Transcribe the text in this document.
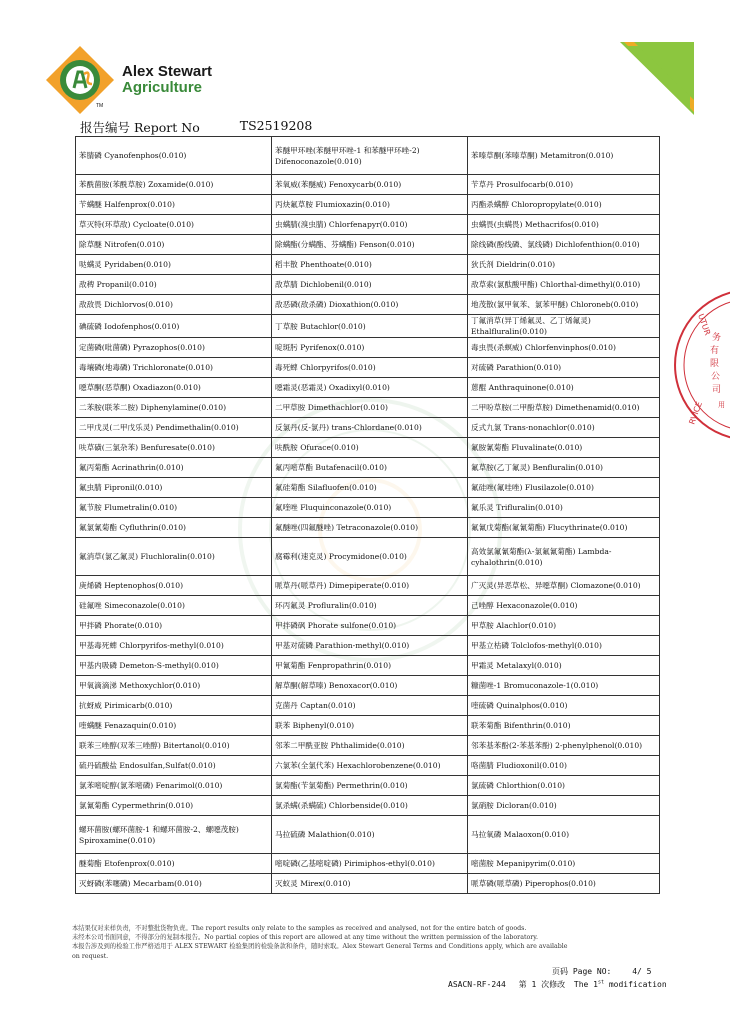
Alex Stewart
Agriculture
TM
报告编号 Report No	TS2519208
苯腈磷 Cyanofenphos(0.010)	苯醚甲环唑(苯醚甲环唑-1 和苯醚甲环唑-2) Difenoconazole(0.010)	苯嗪草酮(苯嗪草酮) Metamitron(0.010)
苯酰菌胺(苯酰草胺) Zoxamide(0.010)	苯氧威(苯醚威) Fenoxycarb(0.010)	苄草丹 Prosulfocarb(0.010)
苄螨醚 Halfenprox(0.010)	丙炔氟草胺 Flumioxazin(0.010)	丙酯杀螨醇 Chloropropylate(0.010)
草灭特(环草敌) Cycloate(0.010)	虫螨腈(溴虫腈) Chlorfenapyr(0.010)	虫螨畏(虫螨畏) Methacrifos(0.010)
除草醚 Nitrofen(0.010)	除螨酯(分螨酯、芬螨酯) Fenson(0.010)	除线磷(酚线磷、氯线磷) Dichlofenthion(0.010)
哒螨灵 Pyridaben(0.010)	稻丰散 Phenthoate(0.010)	狄氏剂 Dieldrin(0.010)
敌稗 Propanil(0.010)	敌草腈 Dichlobenil(0.010)	敌草索(氯酞酸甲酯) Chlorthal-dimethyl(0.010)
敌敌畏 Dichlorvos(0.010)	敌恶磷(敌杀磷) Dioxathion(0.010)	地茂散(氯甲氧苯、氯苯甲醚) Chloroneb(0.010)
碘硫磷 Iodofenphos(0.010)	丁草胺 Butachlor(0.010)	丁氟消草(异丁烯氟灵、乙丁烯氟灵) Ethalfluralin(0.010)
定菌磷(吡菌磷) Pyrazophos(0.010)	啶斑肟 Pyrifenox(0.010)	毒虫畏(杀螟威) Chlorfenvinphos(0.010)
毒壤磷(地毒磷) Trichloronate(0.010)	毒死蜱 Chlorpyrifos(0.010)	对硫磷 Parathion(0.010)
噁草酮(恶草酮) Oxadiazon(0.010)	噁霜灵(恶霜灵) Oxadixyl(0.010)	蒽醌 Anthraquinone(0.010)
二苯胺(联苯二胺) Diphenylamine(0.010)	二甲草胺 Dimethachlor(0.010)	二甲吩草胺(二甲酚草胺) Dimethenamid(0.010)
二甲戊灵(二甲戊乐灵) Pendimethalin(0.010)	反氯丹(反-氯丹) trans-Chlordane(0.010)	反式九氯 Trans-nonachlor(0.010)
呋草磺(三氯杂苯) Benfuresate(0.010)	呋酰胺 Ofurace(0.010)	氟胺氰菊酯 Fluvalinate(0.010)
氟丙菊酯 Acrinathrin(0.010)	氟丙嘧草酯 Butafenacil(0.010)	氟草胺(乙丁氟灵) Benfluralin(0.010)
氟虫腈 Fipronil(0.010)	氟硅菊酯 Silafluofen(0.010)	氟硅唑(氟哇唑) Flusilazole(0.010)
氟节胺 Flumetralin(0.010)	氟喹唑 Fluquinconazole(0.010)	氟乐灵 Trifluralin(0.010)
氟氯氰菊酯 Cyfluthrin(0.010)	氟醚唑(四氟醚唑) Tetraconazole(0.010)	氟氰戊菊酯(氟氰菊酯) Flucythrinate(0.010)
氟消草(氯乙氟灵) Fluchloralin(0.010)	腐霉利(速克灵) Procymidone(0.010)	高效氯氟氰菊酯(λ-氯氟氰菊酯) Lambda-cyhalothrin(0.010)
庚烯磷 Heptenophos(0.010)	哌草丹(哌草丹) Dimepiperate(0.010)	广灭灵(异恶草松、异噁草酮) Clomazone(0.010)
硅氟唑 Simeconazole(0.010)	环丙氟灵 Profluralin(0.010)	己唑醇 Hexaconazole(0.010)
甲拌磷 Phorate(0.010)	甲拌磷砜 Phorate sulfone(0.010)	甲草胺 Alachlor(0.010)
甲基毒死蜱 Chlorpyrifos-methyl(0.010)	甲基对硫磷 Parathion-methyl(0.010)	甲基立枯磷 Tolclofos-methyl(0.010)
甲基内吸磷 Demeton-S-methyl(0.010)	甲氰菊酯 Fenpropathrin(0.010)	甲霜灵 Metalaxyl(0.010)
甲氧滴滴涕 Methoxychlor(0.010)	解草酮(解草嗪) Benoxacor(0.010)	糠菌唑-1 Bromuconazole-1(0.010)
抗蚜威 Pirimicarb(0.010)	克菌丹 Captan(0.010)	喹硫磷 Quinalphos(0.010)
喹螨醚 Fenazaquin(0.010)	联苯 Biphenyl(0.010)	联苯菊酯 Bifenthrin(0.010)
联苯三唑醇(双苯三唑醇) Bitertanol(0.010)	邻苯二甲酰亚胺 Phthalimide(0.010)	邻苯基苯酚(2-苯基苯酚) 2-phenylphenol(0.010)
硫丹硫酸盐 Endosulfan,Sulfat(0.010)	六氯苯(全氯代苯) Hexachlorobenzene(0.010)	咯菌腈 Fludioxonil(0.010)
氯苯嘧啶醇(氯苯嘧磷) Fenarimol(0.010)	氯菊酯(苄氯菊酯) Permethrin(0.010)	氯硫磷 Chlorthion(0.010)
氯氰菊酯 Cypermethrin(0.010)	氯杀螨(杀螨硫) Chlorbenside(0.010)	氯硝胺 Dicloran(0.010)
螺环菌胺(螺环菌胺-1 和螺环菌胺-2、螺噁茂胺) Spiroxamine(0.010)	马拉硫磷 Malathion(0.010)	马拉氧磷 Malaoxon(0.010)
醚菊酯 Etofenprox(0.010)	嘧啶磷(乙基嘧啶磷) Pirimiphos-ethyl(0.010)	嘧菌胺 Mepanipyrim(0.010)
灭蚜磷(苯噻磷) Mecarbam(0.010)	灭蚁灵 Mirex(0.010)	哌草磷(哌草磷) Piperophos(0.010)
UTUR
务
有
限
公
司
用
RVICE
本结果仅对来样负责，不对整批货物负责。The report results only relate to the samples as received and analysed, not for the entire batch of goods.
未经本公司书面同意，不得部分的复制本报告。No partial copies of this report are allowed at any time without the written permission of the laboratory.
本报告涉及到的检验工作严格适用于 ALEX STEWART 检验集团的检验条款和条件，随时索取。Alex Stewart General Terms and Conditions apply, which are available
on request.
页码 Page NO:	4/ 5
ASACN-RF-244 第 1 次修改 The 1st modification
